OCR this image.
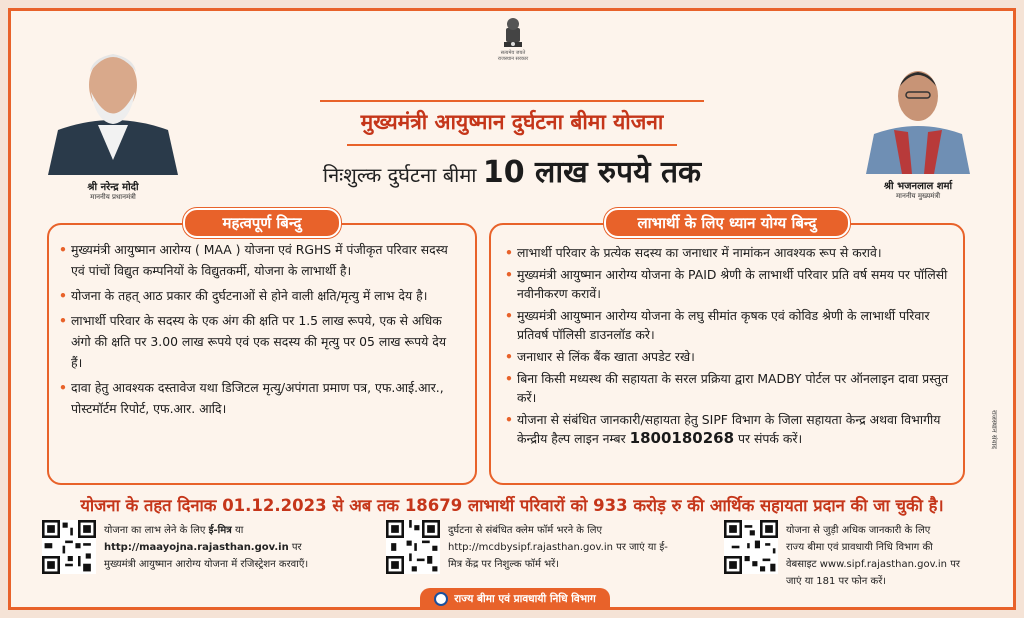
सत्यमेव जयते
राजस्थान सरकार
श्री नरेन्द्र मोदी
माननीय प्रधानमंत्री
श्री भजनलाल शर्मा
माननीय मुख्यमंत्री
मुख्यमंत्री आयुष्मान दुर्घटना बीमा योजना
निःशुल्क दुर्घटना बीमा 10 लाख रुपये तक
• मुख्यमंत्री आयुष्मान आरोग्य ( MAA ) योजना एवं RGHS में पंजीकृत परिवार सदस्य एवं पांचों विद्युत कम्पनियों के विद्युतकर्मी, योजना के लाभार्थी है।
• योजना के तहत् आठ प्रकार की दुर्घटनाओं से होने वाली क्षति/मृत्यु में लाभ देय है।
• लाभार्थी परिवार के सदस्य के एक अंग की क्षति पर 1.5 लाख रूपये, एक से अधिक अंगो की क्षति पर 3.00 लाख रूपये एवं एक सदस्य की मृत्यु पर 05 लाख रूपये देय हैं।
• दावा हेतु आवश्यक दस्तावेज यथा डिजिटल मृत्यु/अपंगता प्रमाण पत्र, एफ.आई.आर., पोस्टमॉर्टम रिपोर्ट, एफ.आर. आदि।
महत्वपूर्ण बिन्दु
• लाभार्थी परिवार के प्रत्येक सदस्य का जनाधार में नामांकन आवश्यक रूप से करावे।
• मुख्यमंत्री आयुष्मान आरोग्य योजना के PAID श्रेणी के लाभार्थी परिवार प्रति वर्ष समय पर पॉलिसी नवीनीकरण करावें।
• मुख्यमंत्री आयुष्मान आरोग्य योजना के लघु सीमांत कृषक एवं कोविड श्रेणी के लाभार्थी परिवार प्रतिवर्ष पॉलिसी डाउनलॉड करे।
• जनाधार से लिंक बैंक खाता अपडेट रखे।
• बिना किसी मध्यस्थ की सहायता के सरल प्रक्रिया द्वारा MADBY पोर्टल पर ऑनलाइन दावा प्रस्तुत करें।
• योजना से संबंधित जानकारी/सहायता हेतु SIPF विभाग के जिला सहायता केन्द्र अथवा विभागीय केन्द्रीय हैल्प लाइन नम्बर 1800180268 पर संपर्क करें।
लाभार्थी के लिए ध्यान योग्य बिन्दु
योजना के तहत दिनाक 01.12.2023 से अब तक 18679 लाभार्थी परिवारों को 933 करोड़ रु की आर्थिक सहायता प्रदान की जा चुकी है।
योजना का लाभ लेने के लिए ई-मित्र या
http://maayojna.rajasthan.gov.in पर
मुख्यमंत्री आयुष्मान आरोग्य योजना में रजिस्ट्रेशन करवाएँ।
दुर्घटना से संबंधित क्लेम फॉर्म भरने के लिए
http://mcdbysipf.rajasthan.gov.in पर जाएं या ई-
मित्र केंद्र पर निशुल्क फॉर्म भरें।
योजना से जुड़ी अधिक जानकारी के लिए
राज्य बीमा एवं प्रावधायी निधि विभाग की
वेबसाइट www.sipf.rajasthan.gov.in पर
जाएं या 181 पर फोन करें।
राज्य बीमा एवं प्रावधायी निधि विभाग
राजस्थान संवाद
